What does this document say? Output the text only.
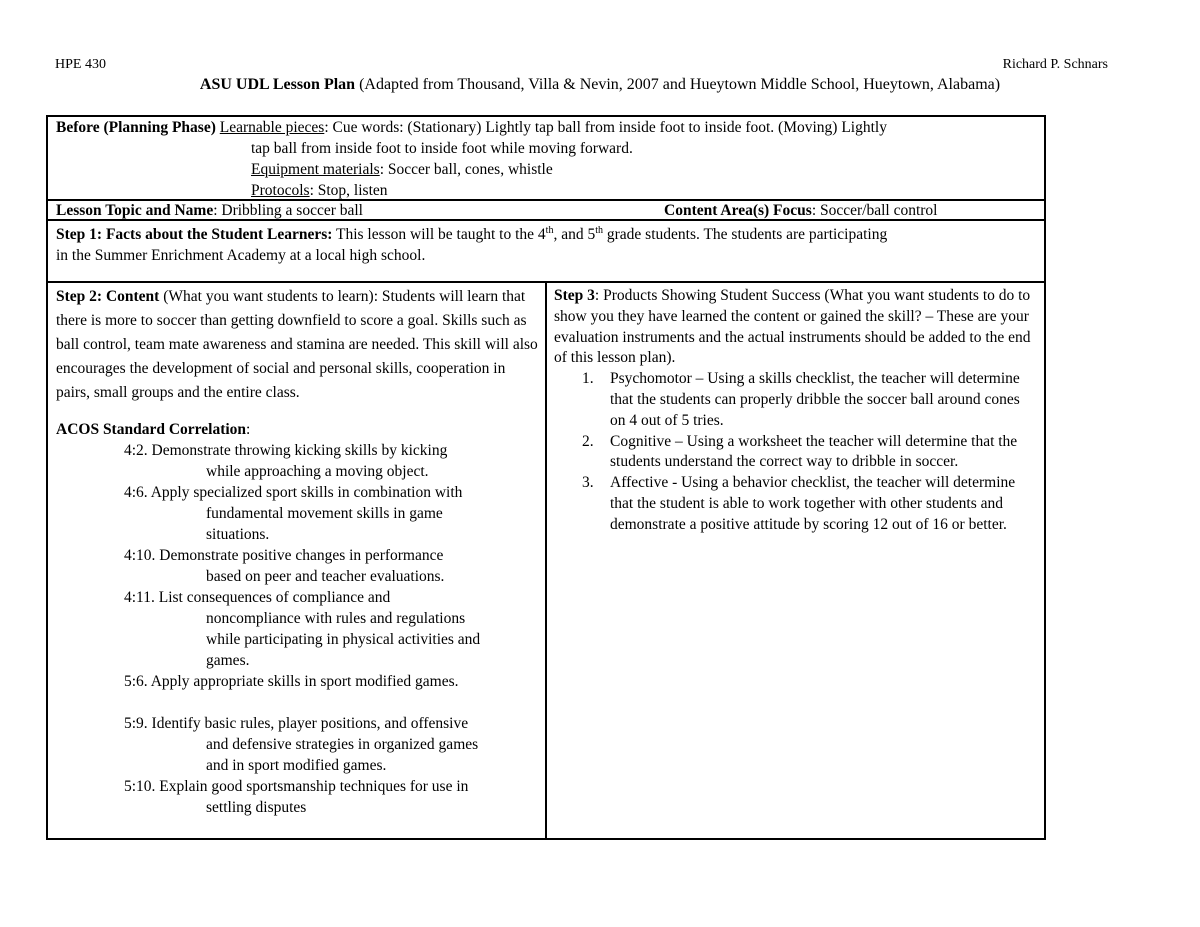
HPE 430	Richard P. Schnars
ASU UDL Lesson Plan (Adapted from Thousand, Villa & Nevin, 2007 and Hueytown Middle School, Hueytown, Alabama)
Before (Planning Phase) Learnable pieces: Cue words: (Stationary) Lightly tap ball from inside foot to inside foot. (Moving) Lightly
tap ball from inside foot to inside foot while moving forward.
Equipment materials: Soccer ball, cones, whistle
Protocols: Stop, listen
Lesson Topic and Name: Dribbling a soccer ball	Content Area(s) Focus: Soccer/ball control
Step 1: Facts about the Student Learners: This lesson will be taught to the 4th, and 5th grade students. The students are participating
in the Summer Enrichment Academy at a local high school.
Step 2: Content (What you want students to learn): Students will learn that there is more to soccer than getting downfield to score a goal. Skills such as ball control, team mate awareness and stamina are needed. This skill will also encourages the development of social and personal skills, cooperation in pairs, small groups and the entire class.
ACOS Standard Correlation:
4:2. Demonstrate throwing kicking skills by kicking
while approaching a moving object.
4:6. Apply specialized sport skills in combination with
fundamental movement skills in game
situations.
4:10. Demonstrate positive changes in performance
based on peer and teacher evaluations.
4:11. List consequences of compliance and
noncompliance with rules and regulations
while participating in physical activities and
games.
5:6. Apply appropriate skills in sport modified games.
5:9. Identify basic rules, player positions, and offensive
and defensive strategies in organized games
and in sport modified games.
5:10. Explain good sportsmanship techniques for use in
settling disputes
Step 3: Products Showing Student Success (What you want students to do to show you they have learned the content or gained the skill? – These are your evaluation instruments and the actual instruments should be added to the end of this lesson plan).
1. Psychomotor – Using a skills checklist, the teacher will determine that the students can properly dribble the soccer ball around cones on 4 out of 5 tries.
2. Cognitive – Using a worksheet the teacher will determine that the students understand the correct way to dribble in soccer.
3. Affective - Using a behavior checklist, the teacher will determine that the student is able to work together with other students and demonstrate a positive attitude by scoring 12 out of 16 or better.
